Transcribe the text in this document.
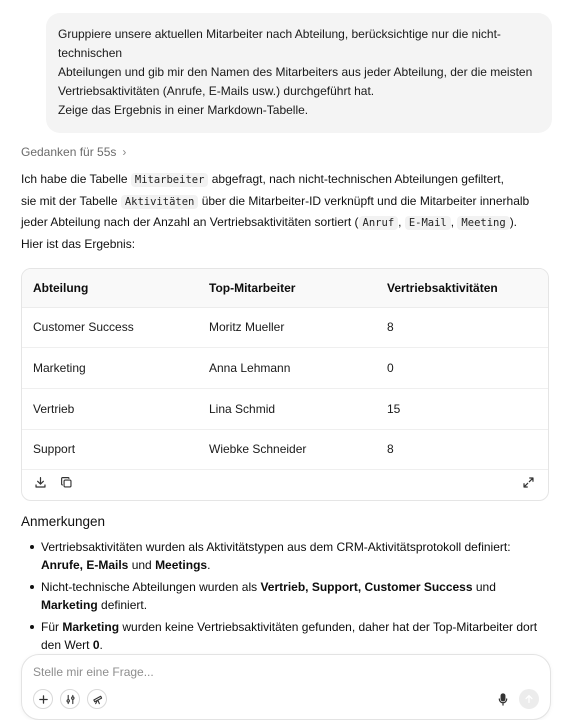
Gruppiere unsere aktuellen Mitarbeiter nach Abteilung, berücksichtige nur die nicht-technischen
Abteilungen und gib mir den Namen des Mitarbeiters aus jeder Abteilung, der die meisten
Vertriebsaktivitäten (Anrufe, E-Mails usw.) durchgeführt hat.
Zeige das Ergebnis in einer Markdown-Tabelle.
Gedanken für 55s ›
Ich habe die Tabelle Mitarbeiter abgefragt, nach nicht-technischen Abteilungen gefiltert,
sie mit der Tabelle Aktivitäten über die Mitarbeiter-ID verknüpft und die Mitarbeiter innerhalb
jeder Abteilung nach der Anzahl an Vertriebsaktivitäten sortiert ( Anruf , E-Mail , Meeting ).
Hier ist das Ergebnis:
Abteilung	Top-Mitarbeiter	Vertriebsaktivitäten
Customer Success	Moritz Mueller	8
Marketing	Anna Lehmann	0
Vertrieb	Lina Schmid	15
Support	Wiebke Schneider	8
Anmerkungen
Vertriebsaktivitäten wurden als Aktivitätstypen aus dem CRM-Aktivitätsprotokoll definiert: Anrufe, E-Mails und Meetings.
Nicht-technische Abteilungen wurden als Vertrieb, Support, Customer Success und Marketing definiert.
Für Marketing wurden keine Vertriebsaktivitäten gefunden, daher hat der Top-Mitarbeiter dort den Wert 0.
Stelle mir eine Frage...
